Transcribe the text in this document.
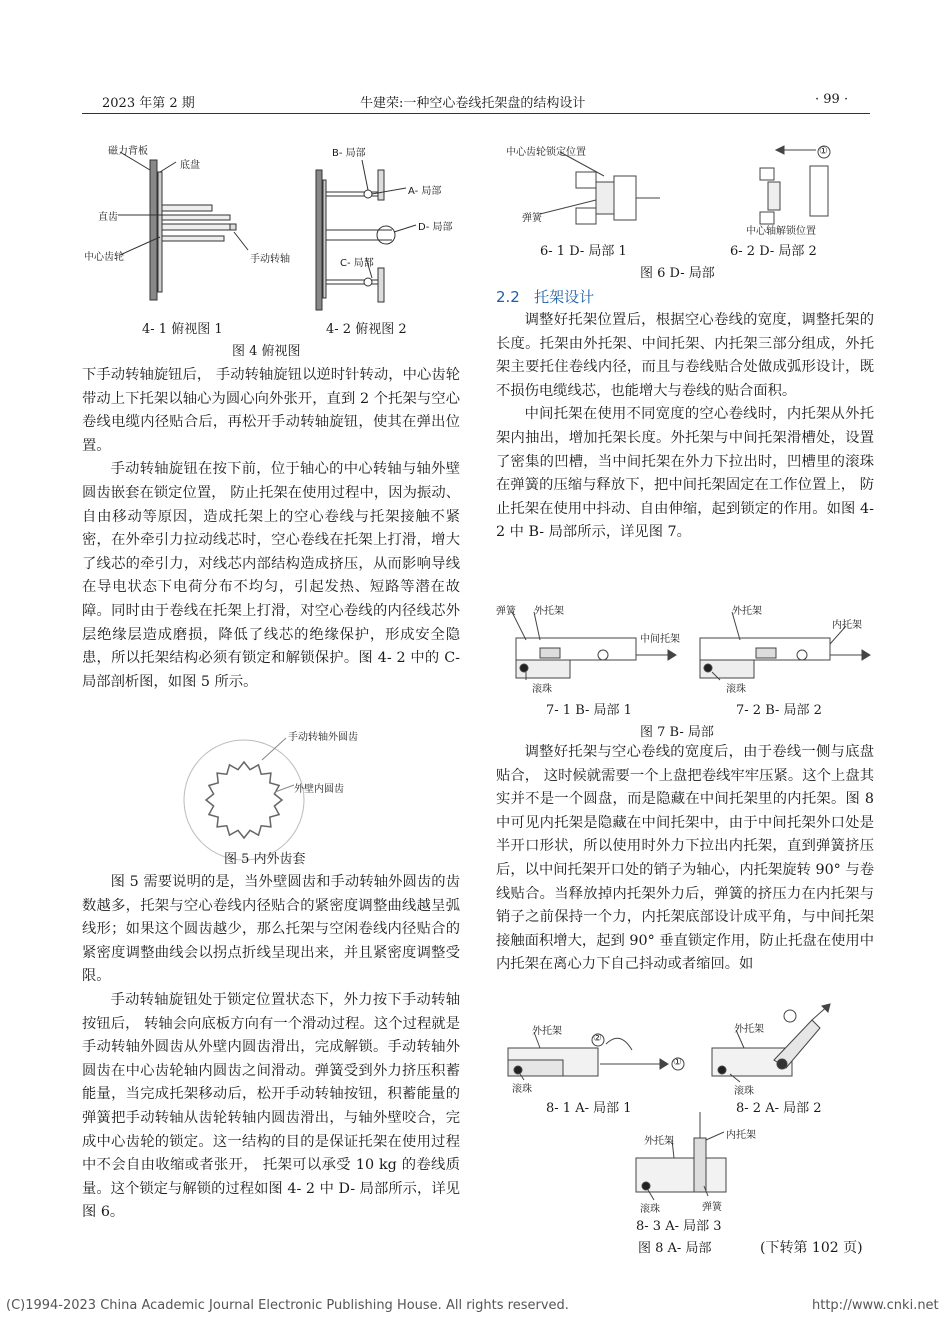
2023 年第 2 期	牛建荣:一种空心卷线托架盘的结构设计	· 99 ·
磁力背板
底盘
直齿
中心齿轮	手动转轴
B- 局部
A- 局部
D- 局部
C- 局部
4- 1 俯视图 1	4- 2 俯视图 2
图 4 俯视图

下手动转轴旋钮后， 手动转轴旋钮以逆时针转动，中心齿轮带动上下托架以轴心为圆心向外张开，直到 2 个托架与空心卷线电缆内径贴合后，再松开手动转轴旋钮，使其在弹出位置。

手动转轴旋钮在按下前，位于轴心的中心转轴与轴外壁圆齿嵌套在锁定位置， 防止托架在使用过程中，因为振动、自由移动等原因，造成托架上的空心卷线与托架接触不紧密，在外牵引力拉动线芯时，空心卷线在托架上打滑，增大了线芯的牵引力，对线芯内部结构造成挤压，从而影响导线在导电状态下电荷分布不均匀，引起发热、短路等潜在故障。同时由于卷线在托架上打滑，对空心卷线的内径线芯外层绝缘层造成磨损，降低了线芯的绝缘保护，形成安全隐患，所以托架结构必须有锁定和解锁保护。图 4- 2 中的 C- 局部剖析图，如图 5 所示。

手动转轴外圆齿
外壁内圆齿
图 5 内外齿套

图 5 需要说明的是，当外壁圆齿和手动转轴外圆齿的齿数越多，托架与空心卷线内径贴合的紧密度调整曲线越呈弧线形；如果这个圆齿越少，那么托架与空闲卷线内径贴合的紧密度调整曲线会以拐点折线呈现出来，并且紧密度调整受限。

手动转轴旋钮处于锁定位置状态下，外力按下手动转轴按钮后， 转轴会向底板方向有一个滑动过程。这个过程就是手动转轴外圆齿从外壁内圆齿滑出，完成解锁。手动转轴外圆齿在中心齿轮轴内圆齿之间滑动。弹簧受到外力挤压积蓄能量，当完成托架移动后，松开手动转轴按钮，积蓄能量的弹簧把手动转轴从齿轮转轴内圆齿滑出，与轴外壁咬合，完成中心齿轮的锁定。这一结构的目的是保证托架在使用过程中不会自由收缩或者张开， 托架可以承受 10 kg 的卷线质量。这个锁定与解锁的过程如图 4- 2 中 D- 局部所示，详见图 6。

中心齿轮锁定位置
弹簧
中心轴解锁位置
①
6- 1 D- 局部 1	6- 2 D- 局部 2
图 6 D- 局部
2.2 托架设计

调整好托架位置后，根据空心卷线的宽度，调整托架的长度。托架由外托架、中间托架、内托架三部分组成，外托架主要托住卷线内径，而且与卷线贴合处做成弧形设计，既不损伤电缆线芯，也能增大与卷线的贴合面积。

中间托架在使用不同宽度的空心卷线时，内托架从外托架内抽出，增加托架长度。外托架与中间托架滑槽处，设置了密集的凹槽，当中间托架在外力下拉出时，凹槽里的滚珠在弹簧的压缩与释放下，把中间托架固定在工作位置上， 防止托架在使用中抖动、自由伸缩，起到锁定的作用。如图 4- 2 中 B- 局部所示，详见图 7。

弹簧 外托架
中间托架
滚珠
外托架
内托架
滚珠
7- 1 B- 局部 1	7- 2 B- 局部 2
图 7 B- 局部

调整好托架与空心卷线的宽度后，由于卷线一侧与底盘贴合， 这时候就需要一个上盘把卷线牢牢压紧。这个上盘其实并不是一个圆盘，而是隐藏在中间托架里的内托架。图 8 中可见内托架是隐藏在中间托架中，由于中间托架外口处是半开口形状，所以使用时外力下拉出内托架，直到弹簧挤压后，以中间托架开口处的销子为轴心，内托架旋转 90° 与卷线贴合。当释放掉内托架外力后，弹簧的挤压力在内托架与销子之前保持一个力，内托架底部设计成平角，与中间托架接触面积增大，起到 90° 垂直锁定作用，防止托盘在使用中内托架在离心力下自己抖动或者缩回。如

外托架
滚珠
②
①
外托架
滚珠
外托架
内托架
滚珠	弹簧
8- 1 A- 局部 1	8- 2 A- 局部 2
8- 3 A- 局部 3
图 8 A- 局部	(下转第 102 页)
(C)1994-2023 China Academic Journal Electronic Publishing House. All rights reserved.	http://www.cnki.net
